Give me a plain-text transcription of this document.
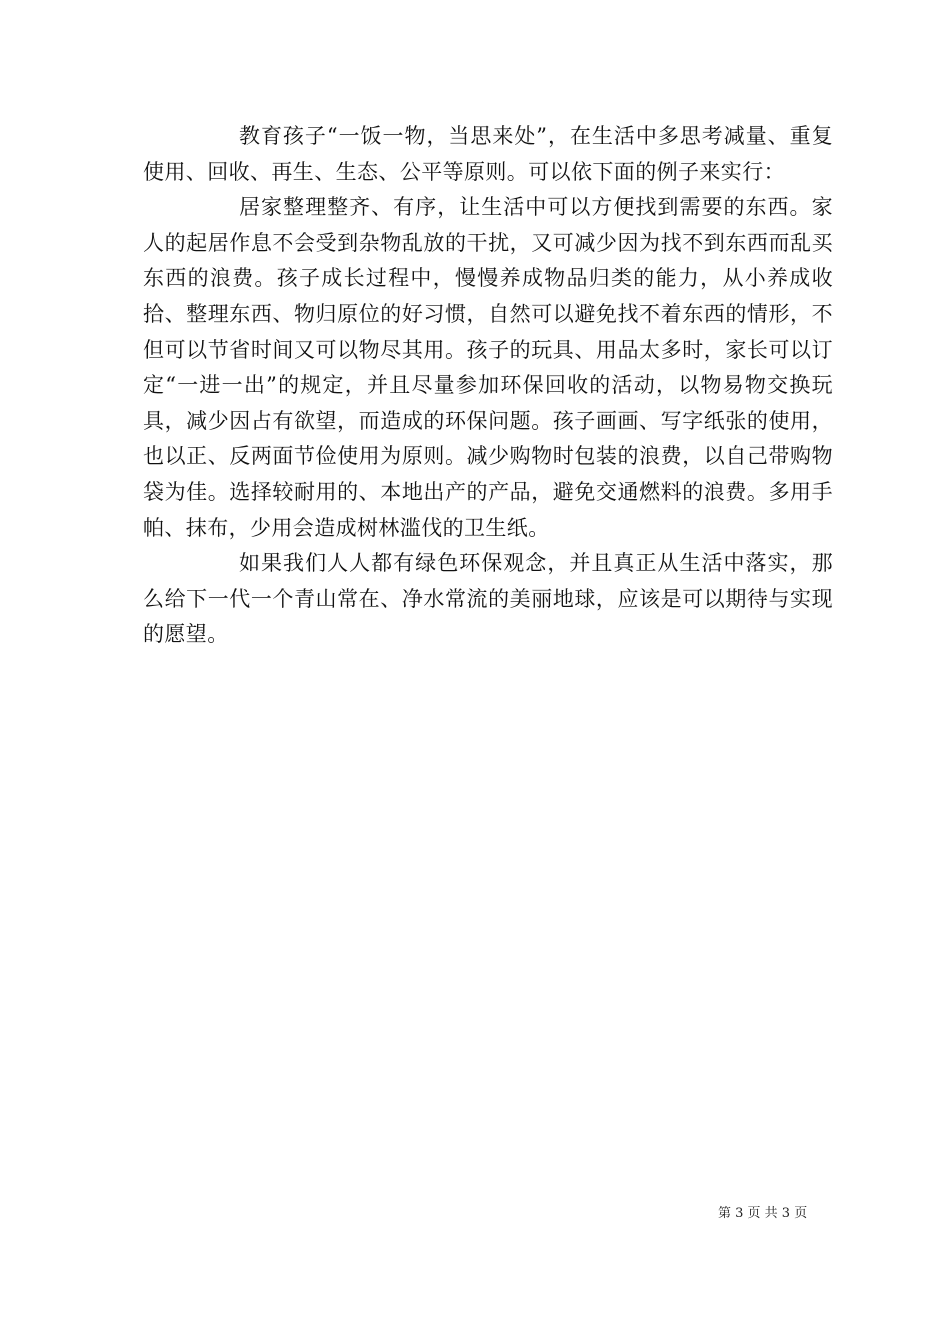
教育孩子“一饭一物，当思来处”，在生活中多思考减量、重复使用、回收、再生、生态、公平等原则。可以依下面的例子来实行：

居家整理整齐、有序，让生活中可以方便找到需要的东西。家人的起居作息不会受到杂物乱放的干扰，又可减少因为找不到东西而乱买东西的浪费。孩子成长过程中，慢慢养成物品归类的能力，从小养成收拾、整理东西、物归原位的好习惯，自然可以避免找不着东西的情形，不但可以节省时间又可以物尽其用。孩子的玩具、用品太多时，家长可以订定“一进一出”的规定，并且尽量参加环保回收的活动，以物易物交换玩具，减少因占有欲望，而造成的环保问题。孩子画画、写字纸张的使用，也以正、反两面节俭使用为原则。减少购物时包装的浪费，以自己带购物袋为佳。选择较耐用的、本地出产的产品，避免交通燃料的浪费。多用手帕、抹布，少用会造成树林滥伐的卫生纸。

如果我们人人都有绿色环保观念，并且真正从生活中落实，那么给下一代一个青山常在、净水常流的美丽地球，应该是可以期待与实现的愿望。

第 3 页 共 3 页
